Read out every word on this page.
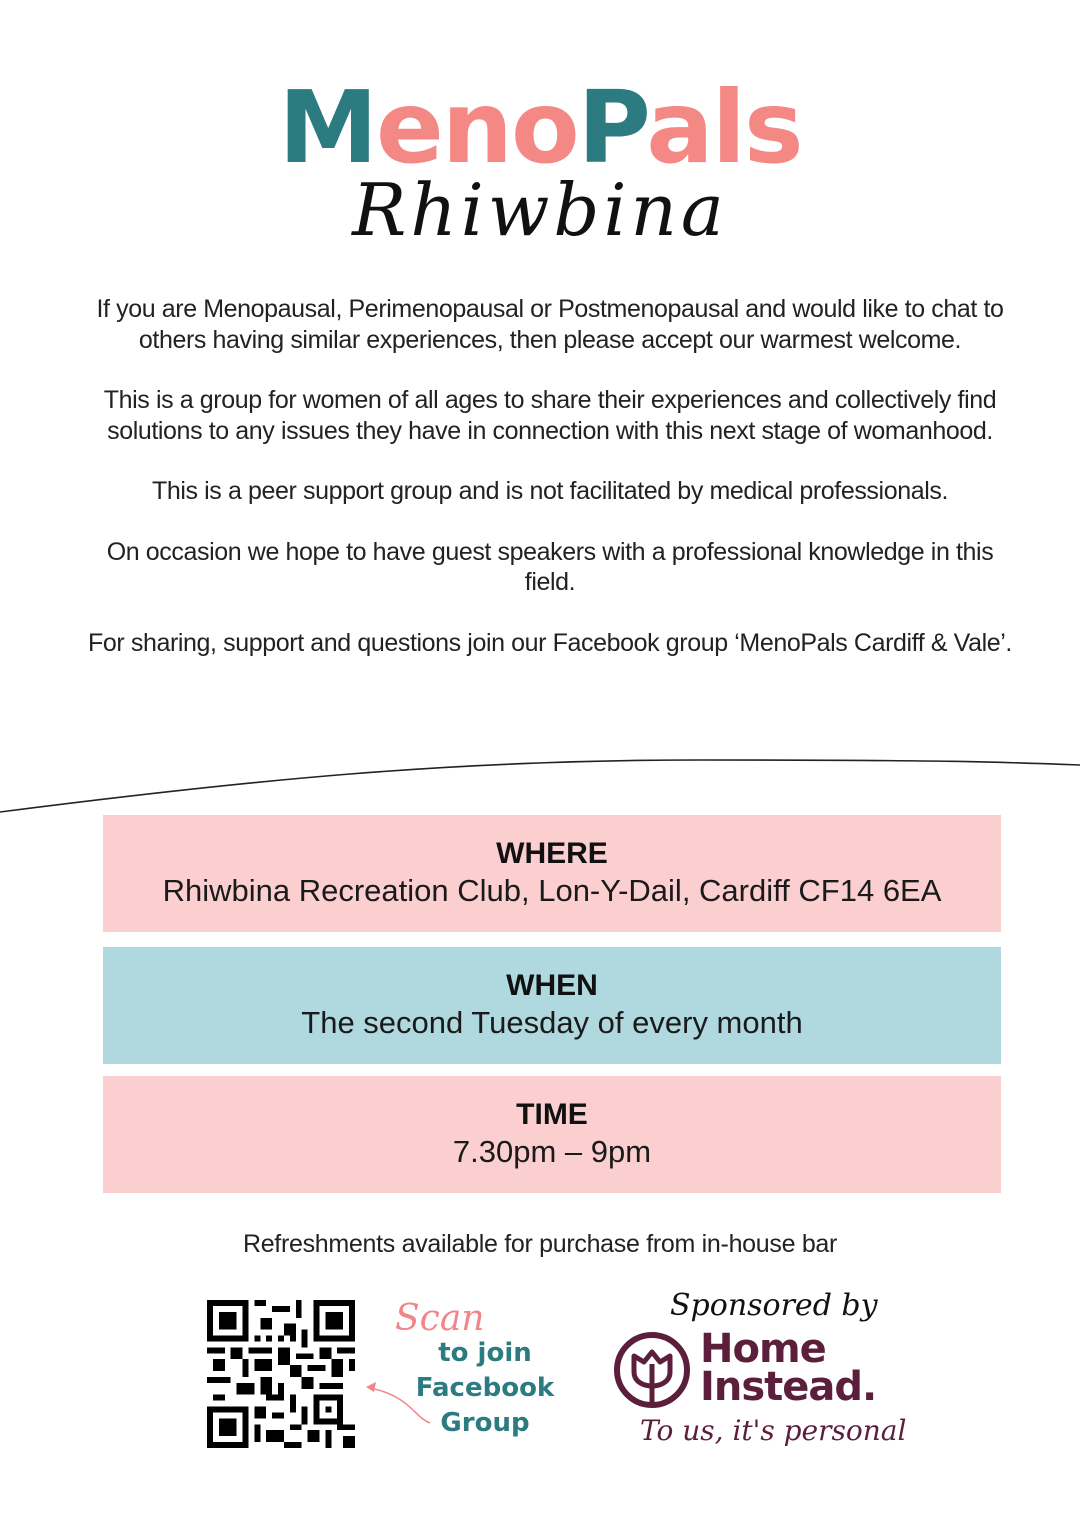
MenoPals
Rhiwbina

If you are Menopausal, Perimenopausal or Postmenopausal and would like to chat to others having similar experiences, then please accept our warmest welcome.

This is a group for women of all ages to share their experiences and collectively find solutions to any issues they have in connection with this next stage of womanhood.

This is a peer support group and is not facilitated by medical professionals.

On occasion we hope to have guest speakers with a professional knowledge in this field.

For sharing, support and questions join our Facebook group ‘MenoPals Cardiff & Vale’.

WHERE
Rhiwbina Recreation Club, Lon-Y-Dail, Cardiff CF14 6EA
WHEN
The second Tuesday of every month
TIME
7.30pm – 9pm
Refreshments available for purchase from in-house bar
Scan
to join
Facebook
Group
Sponsored by
Home
Instead.
To us, it's personal
